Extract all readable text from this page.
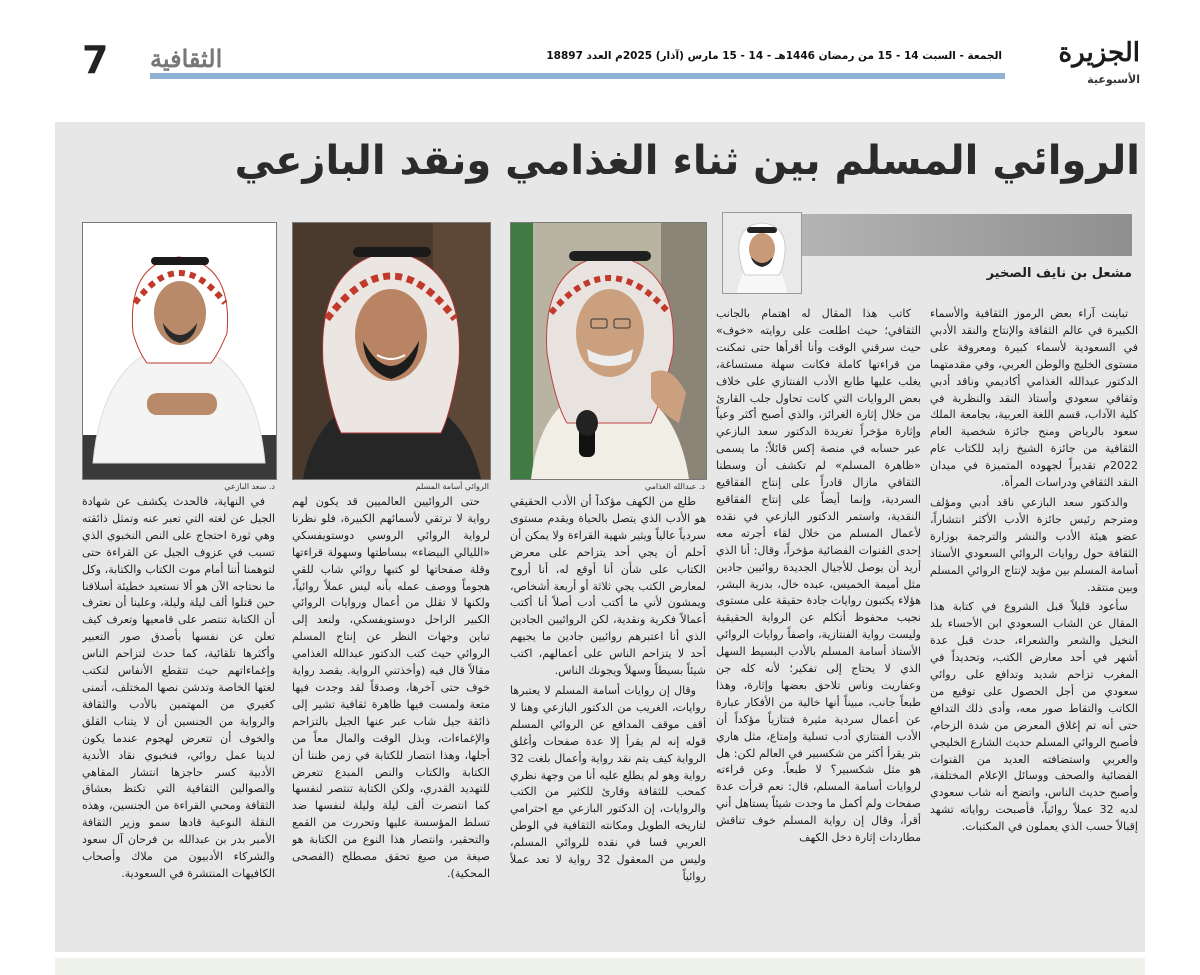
7 الثقافية	الجمعة - السبت 14 - 15 من رمضان 1446هـ - 14 - 15 مارس (آذار) 2025م العدد 18897	الجزيرة الأسبوعية
الروائي المسلم بين ثناء الغذامي ونقد البازعي
مشعل بن نايف الصخير
د. عبدالله الغذامي
الروائي أسامة المسلم
د. سعد البازعي

تباينت آراء بعض الرموز الثقافية والأسماء الكبيرة في عالم الثقافة والإنتاج والنقد الأدبي في السعودية لأسماء كبيرة ومعروفة على مستوى الخليج والوطن العربي، وفي مقدمتهما الدكتور عبدالله الغذامي أكاديمي وناقد أدبي وثقافي سعودي وأستاذ النقد والنظرية في كلية الآداب، قسم اللغة العربية، بجامعة الملك سعود بالرياض ومنح جائزة شخصية العام الثقافية من جائزة الشيخ زايد للكتاب عام 2022م تقديراً لجهوده المتميزة في ميدان النقد الثقافي ودراسات المرأة.

والدكتور سعد البازعي ناقد أدبي ومؤلف ومترجم رئيس جائزة الأدب الأكثر انتشاراً، عضو هيئة الأدب والنشر والترجمة بوزارة الثقافة حول روايات الروائي السعودي الأستاذ أسامة المسلم بين مؤيد لإنتاج الروائي المسلم وبين منتقد.

سأعود قليلاً قبل الشروع في كتابة هذا المقال عن الشاب السعودي ابن الأحساء بلد النخيل والشعر والشعراء، حدث قبل عدة أشهر في أحد معارض الكتب، وتحديداً في المغرب تزاحم شديد وتدافع على روائي سعودي من أجل الحصول على توقيع من الكاتب والتقاط صور معه، وأدى ذلك التدافع حتى أنه تم إغلاق المعرض من شدة الزحام، فأصبح الروائي المسلم حديث الشارع الخليجي والعربي واستضافته العديد من القنوات الفضائية والصحف ووسائل الإعلام المختلفة، وأصبح حديث الناس، واتضح أنه شاب سعودي لديه 32 عملاً روائياً، فأصبحت رواياته تشهد إقبالاً حسب الذي يعملون في المكتبات.

كاتب هذا المقال له اهتمام بالجانب الثقافي؛ حيث اطلعت على روايته «خوف» حيث سرقني الوقت وأنا أقرأها حتى تمكنت من قراءتها كاملة فكانت سهلة مستساغة، يغلب عليها طابع الأدب الفنتازي على خلاف بعض الروايات التي كانت تحاول جلب القارئ من خلال إثارة الغرائز، والذي أصبح أكثر وعياً وإثارة مؤخراً تغريدة الدكتور سعد البازعي عبر حسابه في منصة إكس قائلاً: ما يسمى «ظاهرة المسلم» لم تكشف أن وسطنا الثقافي مازال قادراً على إنتاج الفقاقيع السردية، وإنما أيضاً على إنتاج الفقاقيع النقدية، واستمر الدكتور البازعي في نقده لأعمال المسلم من خلال لقاء أجرته معه إحدى القنوات الفضائية مؤخراً، وقال: أنا الذي أريد أن يوصل للأجيال الجديدة روائيين جادين مثل أميمة الخميس، عبده خال، بدرية البشر، هؤلاء يكتبون روايات جادة حقيقة على مستوى نجيب محفوظ أتكلم عن الرواية الحقيقية وليست رواية الفنتازية، واصفاً روايات الروائي الأستاذ أسامة المسلم بالأدب البسيط السهل الذي لا يحتاج إلى تفكير؛ لأنه كله جن وعفاريت وناس تلاحق بعضها وإثارة، وهذا طبعاً جانب، مبيناً أنها خالية من الأفكار عبارة عن أعمال سردية مثيرة فنتازياً مؤكداً أن الأدب الفنتازي أدب تسلية وإمتاع، مثل هاري بتر يقرأ أكثر من شكسبير في العالم لكن: هل هو مثل شكسبير؟ لا طبعاً. وعن قراءته لروايات أسامة المسلم، قال: نعم قرأت عدة صفحات ولم أكمل ما وجدت شيئاً يستاهل أني أقرأ، وقال إن رواية المسلم خوف تناقش مطاردات إثارة دخل الكهف

طلع من الكهف مؤكداً أن الأدب الحقيقي هو الأدب الذي يتصل بالحياة ويقدم مستوى سردياً عالياً ويثير شهية القراءة ولا يمكن أن أحلم أن يجي أحد يتزاحم على معرض الكتاب على شأن أنا أوقع له، أنا أروح لمعارض الكتب يجي ثلاثة أو أربعة أشخاص، ويمشون لأني ما أكتب أدب أصلاً أنا أكتب أعمالاً فكرية ونقدية، لكن الروائيين الجادين الذي أنا اعتبرهم روائيين جادين ما يجيهم أحد لا يتزاحم الناس على أعمالهم، اكتب شيئاً بسيطاً وسهلاً ويجونك الناس.

وقال إن روايات أسامة المسلم لا يعتبرها روايات، الغريب من الدكتور البازعي وهنا لا أقف موقف المدافع عن الروائي المسلم قوله إنه لم يقرأ إلا عدة صفحات وأغلق الرواية كيف يتم نقد رواية وأعمال بلغت 32 رواية وهو لم يطلع عليه أنا من وجهة نظري كمحب للثقافة وقارئ للكثير من الكتب والروايات، إن الدكتور البازعي مع احترامي لتاريخه الطويل ومكانته الثقافية في الوطن العربي قسا في نقده للروائي المسلم، وليس من المعقول 32 رواية لا تعد عملاً روائياً

حتى الروائيين العالميين قد يكون لهم رواية لا ترتقي لأسمائهم الكبيرة، فلو نظرنا لرواية الروائي الروسي دوستويفسكي «الليالي البيضاء» ببساطتها وسهولة قراءتها وقلة صفحاتها لو كتبها روائي شاب للقي هجوماً ووصف عمله بأنه ليس عملاً روائياً، ولكنها لا تقلل من أعمال وروايات الروائي الكبير الراحل دوستويفسكي، ولنعد إلى تباين وجهات النظر عن إنتاج المسلم الروائي حيث كتب الدكتور عبدالله الغذامي مقالاً قال فيه (وأخذتني الرواية. يقصد رواية خوف حتى آخرها، وصدقاً لقد وجدت فيها متعة ولمست فيها ظاهرة ثقافية تشير إلى ذائقة جيل شاب عبر عنها الجيل بالتزاحم والإغماءات، وبذل الوقت والمال معاً من أجلها، وهذا انتصار للكتابة في زمن ظننا أن الكتابة والكتاب والنص المبدع تتعرض للتهديد القدري، ولكن الكتابة تنتصر لنفسها كما انتصرت ألف ليلة وليلة لنفسها ضد تسلط المؤسسة عليها وتحررت من القمع والتحقير، وانتصار هذا النوع من الكتابة هو صيغة من صيغ تحقق مصطلح (الفصحى المحكية).

في النهاية، فالحدث يكشف عن شهادة الجيل عن لغته التي تعبر عنه وتمثل ذائقته وهي ثورة احتجاج على النص النخبوي الذي تسبب في عزوف الجيل عن القراءة حتى لتوهمنا أننا أمام موت الكتاب والكتابة، وكل ما نحتاجه الآن هو ألا نستعيد خطيئة أسلافنا حين قتلوا ألف ليلة وليلة، وعلينا أن نعترف أن الكتابة تنتصر على قامعيها وتعرف كيف تعلن عن نفسها بأصدق صور التعبير وأكثرها تلقائية، كما حدث لتزاحم الناس وإغماءاتهم حيث تتقطع الأنفاس لتكتب لغتها الخاصة وتدشن نصها المختلف، أتمنى كغيري من المهتمين بالأدب والثقافة والرواية من الجنسين أن لا يتناب القلق والخوف أن تتعرض لهجوم عندما يكون لدينا عمل روائي، فنخبوي نقاد الأندية الأدبية كسر حاجزها انتشار المقاهي والصوالين الثقافية التي تكتظ بعشاق الثقافة ومحبي القراءة من الجنسين، وهذه النقلة النوعية قادها سمو وزير الثقافة الأمير بدر بن عبدالله بن فرحان آل سعود والشركاء الأدبيون من ملاك وأصحاب الكافيهات المنتشرة في السعودية.
